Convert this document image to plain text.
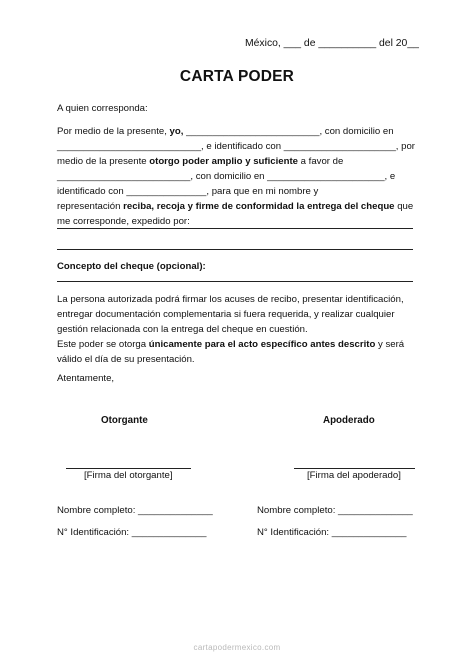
México, ___ de __________ del 20__
CARTA PODER
A quien corresponda:
Por medio de la presente, yo, _________________________, con domicilio en
___________________________, e identificado con _____________________, por
medio de la presente otorgo poder amplio y suficiente a favor de
_________________________, con domicilio en ______________________, e
identificado con _______________, para que en mi nombre y
representación reciba, recoja y firme de conformidad la entrega del cheque que
me corresponde, expedido por:
Concepto del cheque (opcional):
La persona autorizada podrá firmar los acuses de recibo, presentar identificación,
entregar documentación complementaria si fuera requerida, y realizar cualquier
gestión relacionada con la entrega del cheque en cuestión.
Este poder se otorga únicamente para el acto específico antes descrito y será
válido el día de su presentación.
Atentamente,
Otorgante	Apoderado
[Firma del otorgante]	[Firma del apoderado]
Nombre completo: ______________	Nombre completo: ______________
N° Identificación: ______________	N° Identificación: ______________
cartapodermexico.com
